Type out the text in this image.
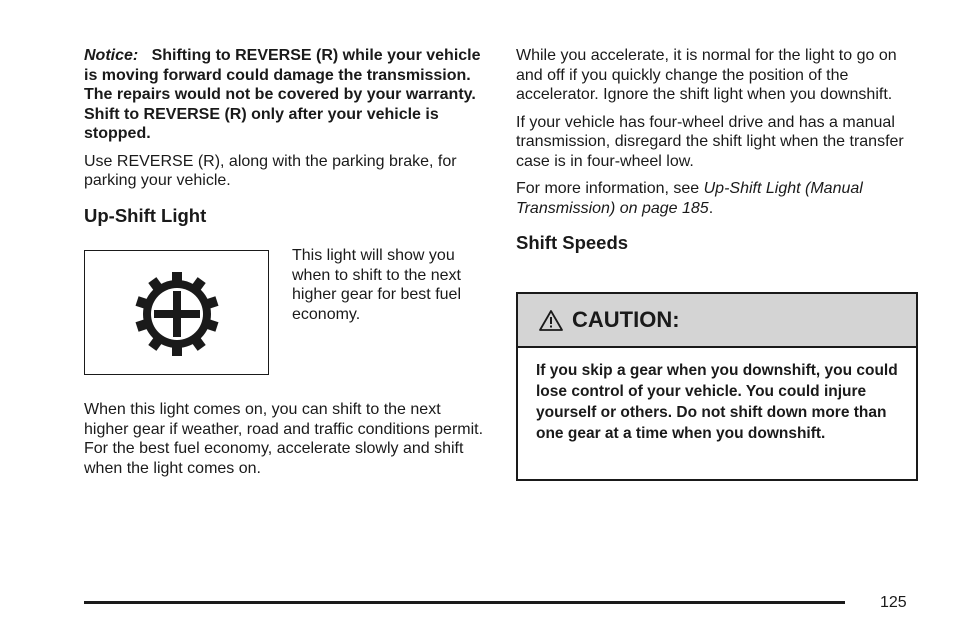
Notice: Shifting to REVERSE (R) while your vehicle is moving forward could damage the transmission. The repairs would not be covered by your warranty. Shift to REVERSE (R) only after your vehicle is stopped.

Use REVERSE (R), along with the parking brake, for parking your vehicle.

Up-Shift Light

This light will show you when to shift to the next higher gear for best fuel economy.

When this light comes on, you can shift to the next higher gear if weather, road and traffic conditions permit. For the best fuel economy, accelerate slowly and shift when the light comes on.

While you accelerate, it is normal for the light to go on and off if you quickly change the position of the accelerator. Ignore the shift light when you downshift.

If your vehicle has four-wheel drive and has a manual transmission, disregard the shift light when the transfer case is in four-wheel low.

For more information, see Up-Shift Light (Manual Transmission) on page 185.

Shift Speeds
CAUTION:

If you skip a gear when you downshift, you could lose control of your vehicle. You could injure yourself or others. Do not shift down more than one gear at a time when you downshift.

125
